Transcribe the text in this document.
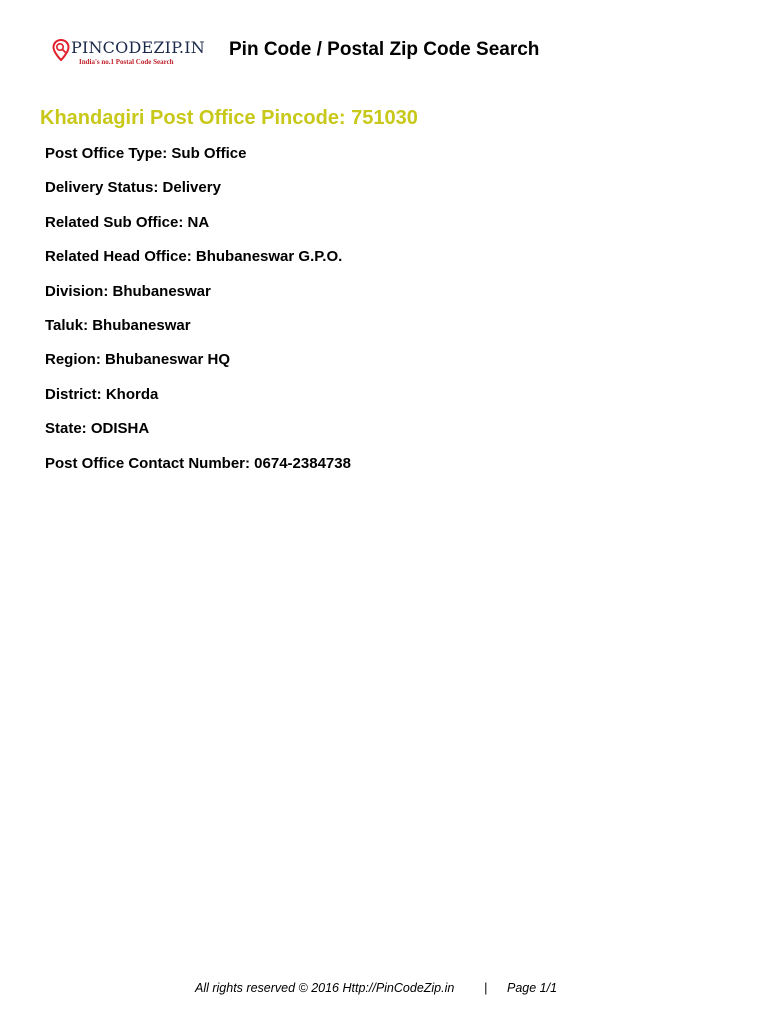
PINCODEZIP.IN
India's no.1 Postal Code Search
Pin Code / Postal Zip Code Search
Khandagiri Post Office Pincode: 751030
Post Office Type: Sub Office
Delivery Status: Delivery
Related Sub Office: NA
Related Head Office: Bhubaneswar G.P.O.
Division: Bhubaneswar
Taluk: Bhubaneswar
Region: Bhubaneswar HQ
District: Khorda
State: ODISHA
Post Office Contact Number: 0674-2384738
All rights reserved © 2016 Http://PinCodeZip.in | Page 1/1
